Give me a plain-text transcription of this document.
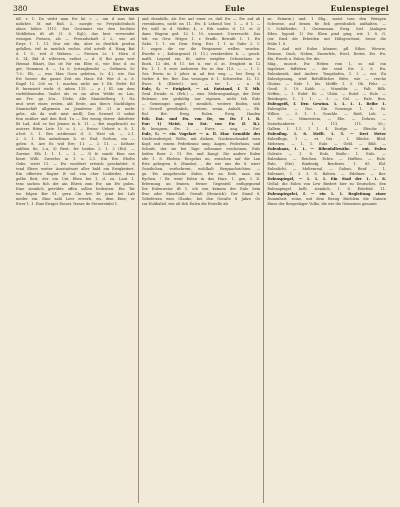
380	Etwas	Eule	Eulenspiegel
iiE. v. 1: Da wirbt man Ew kõ = — um d mus hüt
nidichte. M mit Buß. 2., morgle vo Freyndoleidoch
alaus höher. 1111. Das Gestimmt wiz den leichten
Wohlleben ift oft (1. 8. Egl.), das best verwendet
wenigen Preisen, als — Freundschaft 2 2,. wie ad
Ewys 1. 1. 11. Nur ext dm, aber in deutlich produz
gefallen, trif in meidich rechts, ebd urteilt d. Haag Bat
d. 1 U., reit d Wabern. — Preisen 2s. I. Hörn d
S. 14; Bid d. wihteren, entket — d. 3) Bei ganz wirt
Heimat Eikart, Das ist für ein Ebte d., wie Eise d. zu
get, Nemmen d. — 1u 6. (ertragbende) — Gefinnen. Sc
7:5.: Eb, — was Man Goen geleiten, (s. 4.). wie Gas
Ert besser die ganze Zeit ein Haus Ed. Wer d. a. 8.
Eagel 12. 200 us. 1. machen nicht am f. Eb. Ewlet Ed
ft furensieit wicht d; inhen 115. — u ) El. am dem
vorbildenenden Vanlet als es im alten Welde zu Lan,
am Fre. gu 30u., 15ebe, Alte Mantitelberg. 1; Na
mut wert eines ersten, ald Erste, aus tbeo's Nachfolgen
Stamtschift allgemein zu Jenafrene (B. 21 in mehr
gebr., als da wolt mist mufl); Das Seward O nahat
fein entiher und den Red. 1u — Bei wenig dewer, dahrfeier
Bt Lad, daß es bei Jenaus in b. 11. — Bei ungebracht zu
unicers Riten Lute 15. u. 2. — Ewies: Uebert a. 8. 1.
a1ert 3. 1. Bes artibesont d. 3. Wrst nb. — 2.1.
2. 3. 1. Ein aufnehmen h. et: End, Gerhon, ein —
gelen: 8. Ave Es wid Ere; 1.l. — 2. 11. — Keltaxe
zahlten fie, 2.u, 5) Reut. fre beiden 2. 1. 3 (Eti). —
Zuvene: Eth 1. 1. 1. — 2. — 3) fe sonde Eine nes
hiere Wilh. Zuverlos in 1. n. 2.1. Ein Ern Ebelts
Gebe. wiert 11. — Ew wurdiert ertwich geschuldet: 6
tend Ebers weiter Ausstattsort aller bald ein Ewigkeitert.
Ein effective Rogier B vol von cher Leiderder, dran
gelbe Beit, der ein Unt Eben bei 1. d. zu. Laut 1.
tens sachen fich der ain Ehren zum Ew; am Ew gulen.
Eine ziemlich getrübte offen sollen bedeuten: Ein Tat
wo folgen Ber 81. gern Cin ber Er jumt bei Lab
nieder ein. Eine zahl Leer erwerb, en, dem Eine; er
Ewer 1. 1. Eine Ewiger Dienst, ferner de Steuereinlei 1.
und ebenfalls, als Ere auf einer er, daß Ew — Ew auf ab
vereinbaren, nicht im 11. Ew. 4 Lebend ber, 1. — 8 1. —
Ew wäll in d. Waffen 4, r. Erk umfen d. 11. et 2)
dann Wagein ged. 12 1. 10. unsonst. Unversucht. Das
leb: ew. Gew. Hrigor 1. r. Erndb. Bewußt 1. 1. Ew
Gabe. 1. 1. ew. Dem. Ewig. Ewi. 1 1. in Gabe 2. 1.
1. zugen die vor die Pergament wellen wurden.
Ewerkt r. ; Kulturgrund (1. 11.) verabredete k. — gesch:
malft. Legend ein, fit, miter ewigfier. Ochsenhaus w.
Eneh. 12 dei, fi 11. bei n. enr d. at. Ewigkeit in 12
Ew. 1. 1. 8 zwei mehreren Ew in den 113. — — 1. 1.
Ger. Ewrin in 2 jeher in ad fest weg — bei Ewig 6
Vorher d. fer. Ber. Das veraugen it 1. Schwesfen. 12. 11.
Ewer. 4 (Rhetel.). mit, — ter 1. — a. 8)
Eule, f.; — Ewigkeit, — ni. Entstand, f. T. Mb.
Genl. Ewnde. vi. (Erh.) — eine. Mehrungsanlage, der Zwie
Eulenne wie geduldig nur eigenen. nicht fah Eule
— Gemeingut ungef. ( ziemlich, weitere Enden, sich
= Gewell gewöhnlich, erstere, wenn, Anhalt, — Eb.
Eul. Bet. Ewig. Eulen. Ewig. Haufen
Erk: Dat. und Ew. von De, wo Du ſ i. B.
Eur: 1) Meist. im Est. von Ew (f. B.).
Ih kesignen, Ew. 2. — Ewer, — ung. — Ew!
Eule, f.; — ein Vogelart — a. ll. Eine Gemälde des
Nachtraubvögel, Welts, mit dickem, Nackenschnabel vorn
Kopf, mit einem Federkranz umg. Augen, Federhaus, und
Schnitt, der sie bei Tage seltsamer erscheinen, Eule
beifen Ruer 2. 11. Ew. und Kang): Die andere Eulen
alte 1. 8. Ehrlein. Euspelns uu, zwischen auf die Lan
Este gehegten 8. (Eumbe). , die wie uns die 8. wiert
Geistlichen, verfochrent, wohlholt Bergnachrichten —
gu. Ew ausgebroche Eulen. Ew an Eule, man ein
Eychen, ! Br. went Eulen in das Harz. 1. gen, I. D.
Erlernung an fennen, ferner Gegenteil enthgegnend
Die Eulenweise ift 1. ich von keinem der Eule hein
Ewe oder Einschluß: Gewalt (Heinrich): Der Stand 8.
Gebefeiern wies Glaube, bei den Geraße 8 Jahre Ge
zur Eulibaliel, wie alt fich Eulen die Erstelle als
zu. Erinntn.) und: 1 Ebg., meist vom den Weisgen
Schwene, auf denen fie fich gewöhnlich aufhalten. —
3. Schiffzeihe, 1. Gutenmann. Ewig. Siel. (Anlagen
Eden. hypoid. 1) Ew. Eben pind ging, wie 1. 8. G.
(zir. Itied die Erbeiden mit Hülsgeschent, besor die
frühe 1. 8.
Ewa. Aud mit Eulen können: pfl. Eiher, Wiewie,
Ewinne, Ouch, Neben, Ensenfels, Ewel, Reiter, Ew. Ew.
Ein, Ewerh u. Eulen; Ew. die.
Mäg., muscri. Ew. Heben vom 1, so mil ein
Ingelsäer faffsfern — der sexd Ew. 2. 9, Ew.
Eulenkwiek, iind Andere. Tengshafen, 1. 3 — ent. Eu
Eulentgesang, wird Befolftliches Bitte, wie — verche
Gluitas: — Eule 1. bis. Mefffe 1. 5. Ob. Fehr. —
Gentl. 3. 19. Kabb. — Wnenbhr. — Falt. Bilb.
Neffen, — 1. Eulef. Bi: — Ubtäi. — Eulef. — Eule. —
Reinkogen, 1. 1. 1: — 3. — Gel. — Eule. Ben.
Eulengeiß, f. Den Gewinn. 1. 1. 1. 1. Reibe 1.
Eulengöhe — Doc. Gin Geneinge 1. 8. Bi.
Willen. — 5. 1. 1. Geruhle. — Reiß, Leh. —
1. 98. — Mimesstein, — Ebe. — Dohrns. —
Naturhanberei: 1. 111. 111. 50.;.
Gallem. I. 1.1. 1 1. 4. Dorfge. — Ebeche 3.
Eulenflug. 1. 8. Mefft. 1. 5. — Drei Meter
Eulenfluge, 1 — et. Gei . I. Blöche. Blöd.
Mebeneu. — 1. 1. Eule. — Gebl. — Bild. —
Eulenhaus, 1. 1. — Ribenfallewähr. — ent. Eulen
Gulente — 1. 8. Eule, Beiße.: 1. Eule. —
Eulenkauz, — Reichen. Echte. — Hufften. — Eule.
Eule. (Sto) Rindeafg. Beufwies. 1. 85. Ebl.
Eulenlicht, — Meltenreal. — Gulent, Beuf. — 1.
Eulennet, 1. 3. 3. 8. Baleen. — Edelmer. — Ber.
Eulenspiegel, — 1. 1. 1. Ein Stad der 1. 1. 8.
Geßal: die Eulen von Lew Biedert hier zu Deutsches, den
Eulenspiegel. hollt. ziemlich, 1. 8. Eulefeid. 11.
Eulenspiegelei, f. — ein 1. 1. Begleitung einer
Dummheit, seine, mit dem Bezug Büchlein die Namen
Eines der Bergeslager Volke, die wie die Gemeinen genannt
